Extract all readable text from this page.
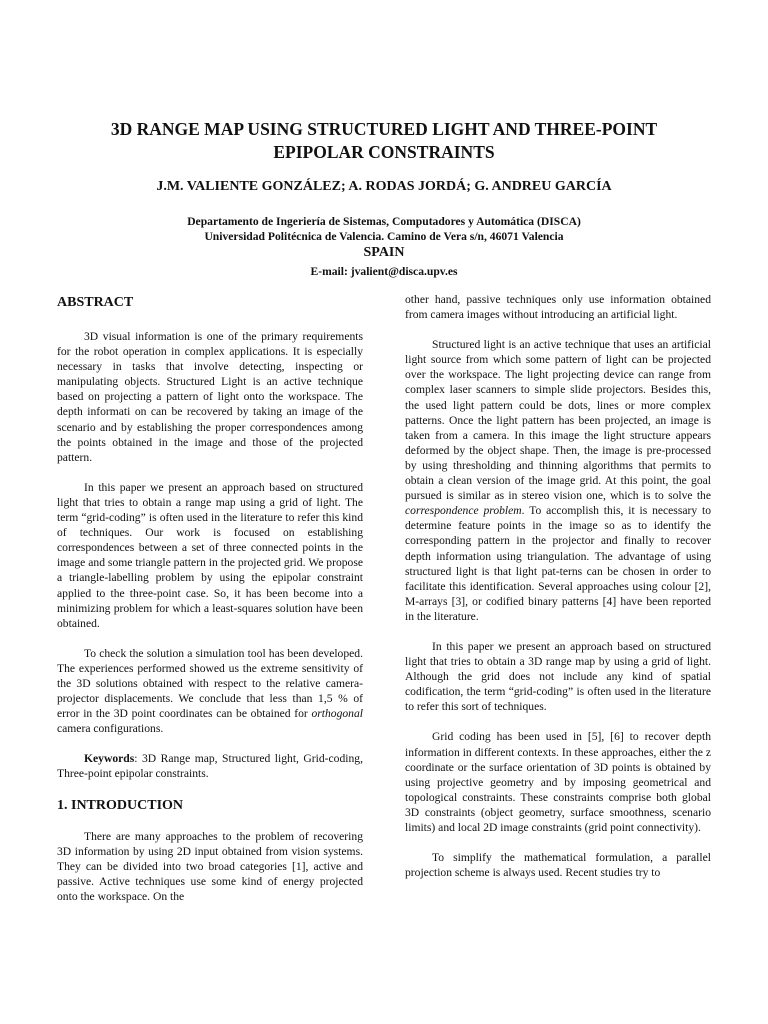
3D RANGE MAP USING STRUCTURED LIGHT AND THREE-POINT
EPIPOLAR CONSTRAINTS
J.M. VALIENTE GONZÁLEZ; A. RODAS JORDÁ; G. ANDREU GARCÍA
Departamento de Ingeriería de Sistemas, Computadores y Automática (DISCA)
Universidad Politécnica de Valencia. Camino de Vera s/n, 46071 Valencia
SPAIN
E-mail: jvalient@disca.upv.es
ABSTRACT

3D visual information is one of the primary requirements for the robot operation in complex applications. It is especially necessary in tasks that involve detecting, inspecting or manipulating objects. Structured Light is an active technique based on projecting a pattern of light onto the workspace. The depth informati on can be recovered by taking an image of the scenario and by establishing the proper correspondences among the points obtained in the image and those of the projected pattern.

In this paper we present an approach based on structured light that tries to obtain a range map using a grid of light. The term “grid-coding” is often used in the literature to refer this kind of techniques. Our work is focused on establishing correspondences between a set of three connected points in the image and some triangle pattern in the projected grid. We propose a triangle-labelling problem by using the epipolar constraint applied to the three-point case. So, it has been become into a minimizing problem for which a least-squares solution have been obtained.

To check the solution a simulation tool has been developed. The experiences performed showed us the extreme sensitivity of the 3D solutions obtained with respect to the relative camera-projector displacements. We conclude that less than 1,5 % of error in the 3D point coordinates can be obtained for orthogonal camera configurations.

Keywords: 3D Range map, Structured light, Grid-coding, Three-point epipolar constraints.

1. INTRODUCTION

There are many approaches to the problem of recovering 3D information by using 2D input obtained from vision systems. They can be divided into two broad categories [1], active and passive. Active techniques use some kind of energy projected onto the workspace. On the

other hand, passive techniques only use information obtained from camera images without introducing an artificial light.

Structured light is an active technique that uses an artificial light source from which some pattern of light can be projected over the workspace. The light projecting device can range from complex laser scanners to simple slide projectors. Besides this, the used light pattern could be dots, lines or more complex patterns. Once the light pattern has been projected, an image is taken from a camera. In this image the light structure appears deformed by the object shape. Then, the image is pre-processed by using thresholding and thinning algorithms that permits to obtain a clean version of the image grid. At this point, the goal pursued is similar as in stereo vision one, which is to solve the correspondence problem. To accomplish this, it is necessary to determine feature points in the image so as to identify the corresponding pattern in the projector and finally to recover depth information using triangulation. The advantage of using structured light is that light pat-terns can be chosen in order to facilitate this identification. Several approaches using colour [2], M-arrays [3], or codified binary patterns [4] have been reported in the literature.

In this paper we present an approach based on structured light that tries to obtain a 3D range map by using a grid of light. Although the grid does not include any kind of spatial codification, the term “grid-coding” is often used in the literature to refer this sort of techniques.

Grid coding has been used in [5], [6] to recover depth information in different contexts. In these approaches, either the z coordinate or the surface orientation of 3D points is obtained by using projective geometry and by imposing geometrical and topological constraints. These constraints comprise both global 3D constraints (object geometry, surface smoothness, scenario limits) and local 2D image constraints (grid point connectivity).

To simplify the mathematical formulation, a parallel projection scheme is always used. Recent studies try to
